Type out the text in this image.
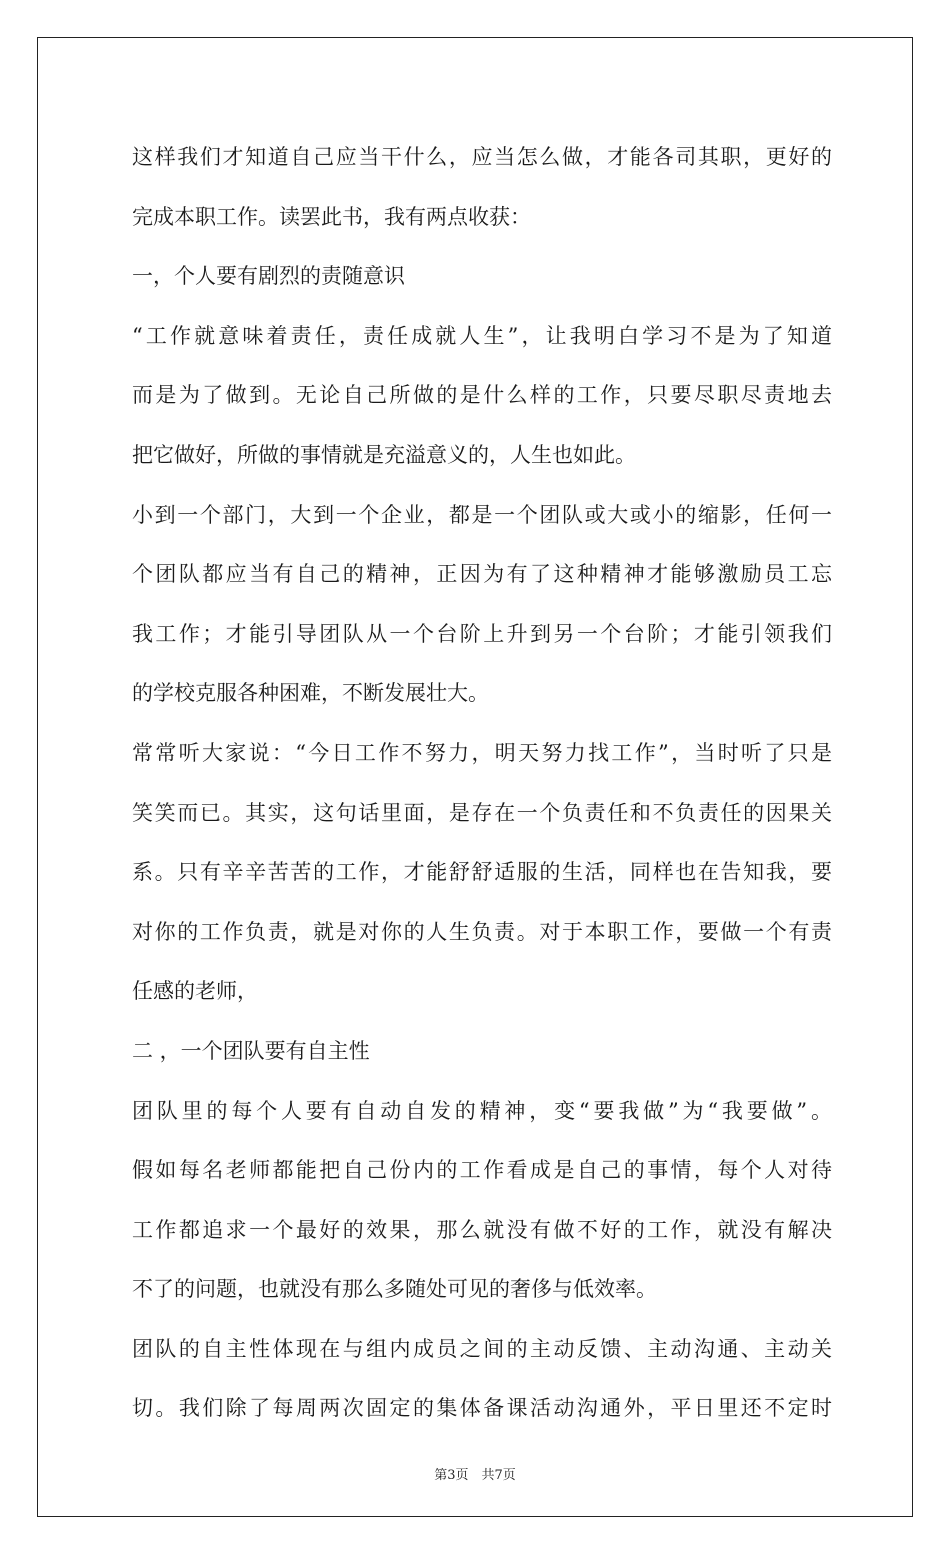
这样我们才知道自己应当干什么，应当怎么做，才能各司其职，更好的
完成本职工作。读罢此书，我有两点收获：
一，个人要有剧烈的责随意识
“工作就意味着责任，责任成就人生”，让我明白学习不是为了知道
而是为了做到。无论自己所做的是什么样的工作，只要尽职尽责地去
把它做好，所做的事情就是充溢意义的，人生也如此。
小到一个部门，大到一个企业，都是一个团队或大或小的缩影，任何一
个团队都应当有自己的精神，正因为有了这种精神才能够激励员工忘
我工作；才能引导团队从一个台阶上升到另一个台阶；才能引领我们
的学校克服各种困难，不断发展壮大。
常常听大家说：“今日工作不努力，明天努力找工作”，当时听了只是
笑笑而已。其实，这句话里面，是存在一个负责任和不负责任的因果关
系。只有辛辛苦苦的工作，才能舒舒适服的生活，同样也在告知我，要
对你的工作负责，就是对你的人生负责。对于本职工作，要做一个有责
任感的老师，
二 ，一个团队要有自主性
团队里的每个人要有自动自发的精神，变“要我做”为“我要做”。
假如每名老师都能把自己份内的工作看成是自己的事情，每个人对待
工作都追求一个最好的效果，那么就没有做不好的工作，就没有解决
不了的问题，也就没有那么多随处可见的奢侈与低效率。
团队的自主性体现在与组内成员之间的主动反馈、主动沟通、主动关
切。我们除了每周两次固定的集体备课活动沟通外，平日里还不定时
第3页　共7页
